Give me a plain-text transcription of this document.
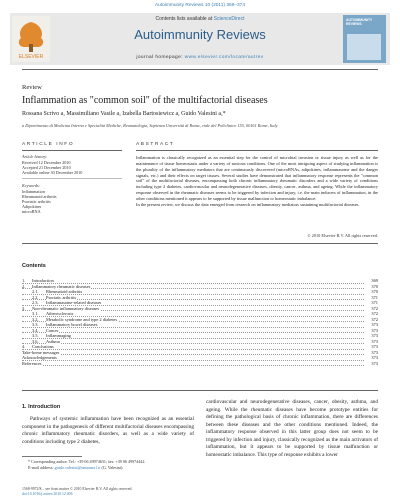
Autoimmunity Reviews 10 (2011) 369–374
ELSEVIER
Contents lists available at ScienceDirect
Autoimmunity Reviews
journal homepage: www.elsevier.com/locate/autrev
AUTOIMMUNITY REVIEWS
Review
Inflammation as "common soil" of the multifactorial diseases
Rossana Scrivo a, Massimiliano Vasile a, Izabella Bartosiewicz a, Guido Valesini a,*
a Dipartimento di Medicina Interna e Specialità Mediche, Reumatologia, Sapienza Università di Roma, viale del Policlinico 155, 00161 Rome, Italy
ARTICLE INFO	ABSTRACT
Article history:
Received 12 December 2010
Accepted 21 December 2010
Available online 30 December 2010
Keywords:
Inflammation
Rheumatoid arthritis
Psoriatic arthritis
Adipokines
microRNA
Inflammation is classically recognized as an essential step for the control of microbial invasion or tissue injury as well as for the maintenance of tissue homeostasis under a variety of noxious conditions. One of the most intriguing aspect of studying inflammation is the plurality of the inflammatory mediators that are continuously discovered (microRNAs, adipokines, inflammasome and the danger signals, etc.) and their effects on target tissues. Several studies have demonstrated that inflammatory response represents the "common soil" of the multifactorial diseases, encompassing both chronic inflammatory rheumatic disorders and a wide variety of conditions including type 2 diabetes, cardiovascular and neurodegenerative diseases, obesity, cancer, asthma, and ageing. While the inflammatory response observed in the rheumatic diseases seems to be triggered by infection and injury, i.e. the main inducers of inflammation, in the other conditions mentioned it appears to be supported by tissue malfunction or homeostatic imbalance.
In the present review, we discuss the data emerged from research on inflammatory mediators sustaining multifactorial diseases.
© 2010 Elsevier B.V. All rights reserved.
Contents
1. Introduction	369
2. Inflammatory rheumatic diseases	370
2.1. Rheumatoid arthritis	370
2.2. Psoriatic arthritis	371
2.3. Inflammasome-related diseases	371
3. Non-rheumatic inflammatory diseases	372
3.1. Atherosclerosis	372
3.2. Metabolic syndrome and type 2 diabetes	372
3.3. Inflammatory bowel diseases	373
3.4. Cancer	373
3.5. Inflammaging	373
3.6. Asthma	373
4. Conclusions	373
Take-home messages	373
Acknowledgements	373
References	373
1. Introduction
Pathways of systemic inflammation have been recognized as an essential component in the pathogenesis of different multifactorial diseases encompassing chronic inflammatory rheumatic disorders, as well as a wide variety of conditions including type 2 diabetes,
cardiovascular and neurodegenerative diseases, cancer, obesity, asthma, and ageing. While the rheumatic diseases have become prototype entities for defining the pathological basis of chronic inflammation, there are differences between these diseases and the other conditions mentioned. Indeed, the inflammatory response observed in this latter group does not seem to be triggered by infection and injury, classically recognized as the main activators of inflammation, but it appears to be supported by tissue malfunction or homeostatic imbalance. This type of response exhibits a lower
* Corresponding author. Tel.: +39 06 49974631; fax: +39 06 49974442.
E-mail address: guido.valesini@uniroma1.it (G. Valesini).
1568-9972/$ – see front matter © 2010 Elsevier B.V. All rights reserved.
doi:10.1016/j.autrev.2010.12.006
